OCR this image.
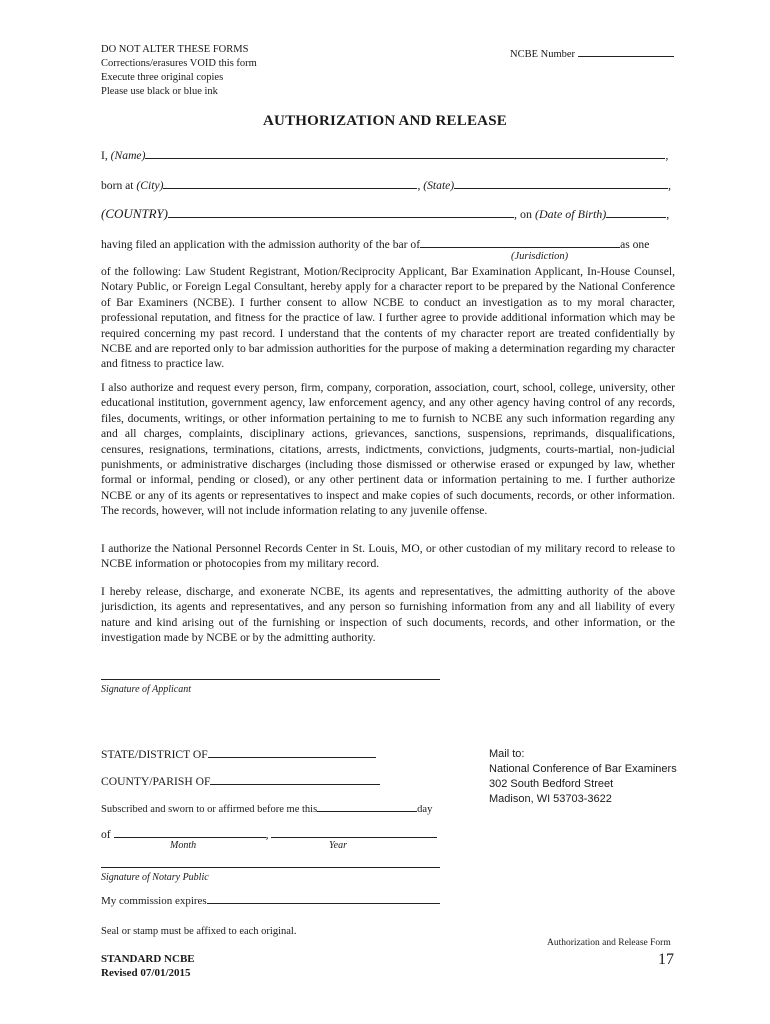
DO NOT ALTER THESE FORMS
Corrections/erasures VOID this form
Execute three original copies
Please use black or blue ink
NCBE Number
AUTHORIZATION AND RELEASE
I, (Name)	,
born at (City)	, (State)	,
(COUNTRY)	, on (Date of Birth)	,
having filed an application with the admission authority of the bar of	as one
(Jurisdiction)

of the following: Law Student Registrant, Motion/Reciprocity Applicant, Bar Examination Applicant, In-House Counsel, Notary Public, or Foreign Legal Consultant, hereby apply for a character report to be prepared by the National Conference of Bar Examiners (NCBE). I further consent to allow NCBE to conduct an investigation as to my moral character, professional reputation, and fitness for the practice of law. I further agree to provide additional information which may be required concerning my past record. I understand that the contents of my character report are treated confidentially by NCBE and are reported only to bar admission authorities for the purpose of making a determination regarding my character and fitness to practice law.

I also authorize and request every person, firm, company, corporation, association, court, school, college, university, other educational institution, government agency, law enforcement agency, and any other agency having control of any records, files, documents, writings, or other information pertaining to me to furnish to NCBE any such information regarding any and all charges, complaints, disciplinary actions, grievances, sanctions, suspensions, reprimands, disqualifications, censures, resignations, terminations, citations, arrests, indictments, convictions, judgments, courts-martial, non-judicial punishments, or administrative discharges (including those dismissed or otherwise erased or expunged by law, whether formal or informal, pending or closed), or any other pertinent data or information pertaining to me. I further authorize NCBE or any of its agents or representatives to inspect and make copies of such documents, records, or other information. The records, however, will not include information relating to any juvenile offense.

I authorize the National Personnel Records Center in St. Louis, MO, or other custodian of my military record to release to NCBE information or photocopies from my military record.

I hereby release, discharge, and exonerate NCBE, its agents and representatives, the admitting authority of the above jurisdiction, its agents and representatives, and any person so furnishing information from any and all liability of every nature and kind arising out of the furnishing or inspection of such documents, records, and other information, or the investigation made by NCBE or by the admitting authority.

Signature of Applicant
STATE/DISTRICT OF
COUNTY/PARISH OF
Subscribed and sworn to or affirmed before me this	day
of	,
Month	Year
Signature of Notary Public
My commission expires
Seal or stamp must be affixed to each original.
Mail to:
National Conference of Bar Examiners
302 South Bedford Street
Madison, WI 53703-3622
Authorization and Release Form
17
STANDARD NCBE
Revised 07/01/2015
